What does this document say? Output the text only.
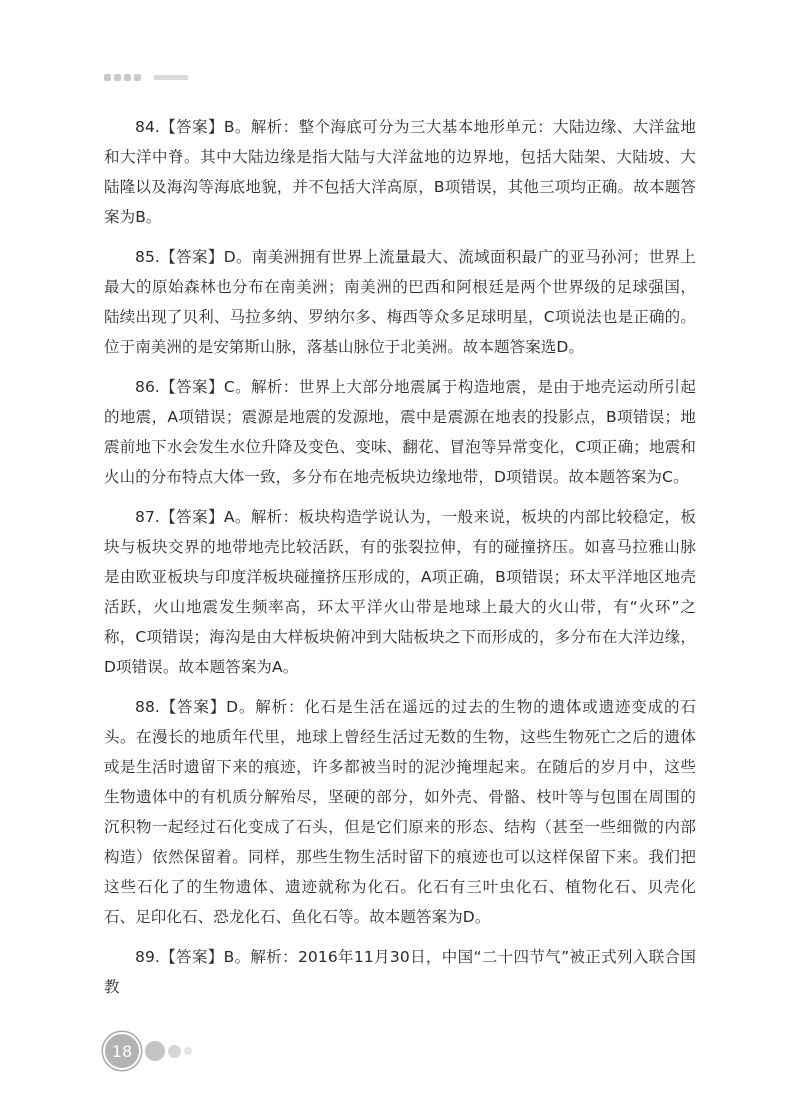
84.【答案】B。解析：整个海底可分为三大基本地形单元：大陆边缘、大洋盆地和大洋中脊。其中大陆边缘是指大陆与大洋盆地的边界地，包括大陆架、大陆坡、大陆隆以及海沟等海底地貌，并不包括大洋高原，B项错误，其他三项均正确。故本题答案为B。

85.【答案】D。南美洲拥有世界上流量最大、流域面积最广的亚马孙河；世界上最大的原始森林也分布在南美洲；南美洲的巴西和阿根廷是两个世界级的足球强国，陆续出现了贝利、马拉多纳、罗纳尔多、梅西等众多足球明星，C项说法也是正确的。位于南美洲的是安第斯山脉，落基山脉位于北美洲。故本题答案选D。

86.【答案】C。解析：世界上大部分地震属于构造地震，是由于地壳运动所引起的地震，A项错误；震源是地震的发源地，震中是震源在地表的投影点，B项错误；地震前地下水会发生水位升降及变色、变味、翻花、冒泡等异常变化，C项正确；地震和火山的分布特点大体一致，多分布在地壳板块边缘地带，D项错误。故本题答案为C。

87.【答案】A。解析：板块构造学说认为，一般来说，板块的内部比较稳定，板块与板块交界的地带地壳比较活跃，有的张裂拉伸，有的碰撞挤压。如喜马拉雅山脉是由欧亚板块与印度洋板块碰撞挤压形成的，A项正确，B项错误；环太平洋地区地壳活跃，火山地震发生频率高，环太平洋火山带是地球上最大的火山带，有“火环”之称，C项错误；海沟是由大样板块俯冲到大陆板块之下而形成的，多分布在大洋边缘，D项错误。故本题答案为A。

88.【答案】D。解析：化石是生活在遥远的过去的生物的遗体或遗迹变成的石头。在漫长的地质年代里，地球上曾经生活过无数的生物，这些生物死亡之后的遗体或是生活时遗留下来的痕迹，许多都被当时的泥沙掩埋起来。在随后的岁月中，这些生物遗体中的有机质分解殆尽，坚硬的部分，如外壳、骨骼、枝叶等与包围在周围的沉积物一起经过石化变成了石头，但是它们原来的形态、结构（甚至一些细微的内部构造）依然保留着。同样，那些生物生活时留下的痕迹也可以这样保留下来。我们把这些石化了的生物遗体、遗迹就称为化石。化石有三叶虫化石、植物化石、贝壳化石、足印化石、恐龙化石、鱼化石等。故本题答案为D。

89.【答案】B。解析：2016年11月30日，中国“二十四节气”被正式列入联合国教

18
